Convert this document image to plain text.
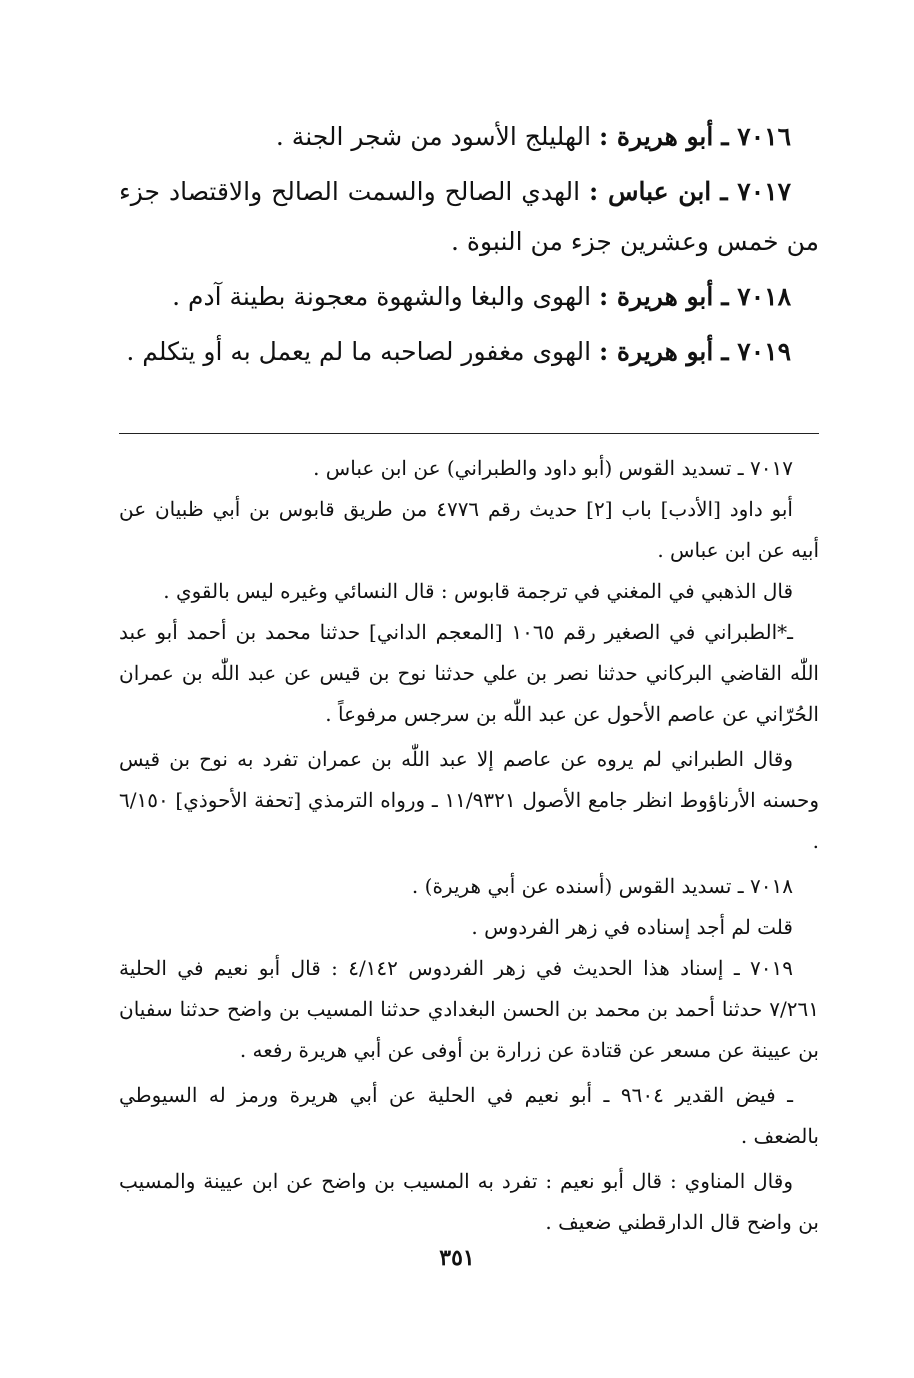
٧٠١٦ ـ أبو هريرة : الهليلج الأسود من شجر الجنة .

٧٠١٧ ـ ابن عباس : الهدي الصالح والسمت الصالح والاقتصاد جزء من خمس وعشرين جزء من النبوة .

٧٠١٨ ـ أبو هريرة : الهوى والبغا والشهوة معجونة بطينة آدم .

٧٠١٩ ـ أبو هريرة : الهوى مغفور لصاحبه ما لم يعمل به أو يتكلم .

٧٠١٧ ـ تسديد القوس (أبو داود والطبراني) عن ابن عباس .

أبو داود [الأدب] باب [٢] حديث رقم ٤٧٧٦ من طريق قابوس بن أبي ظبيان عن أبيه عن ابن عباس .

قال الذهبي في المغني في ترجمة قابوس : قال النسائي وغيره ليس بالقوي .

ـ*الطبراني في الصغير رقم ١٠٦٥ [المعجم الداني] حدثنا محمد بن أحمد أبو عبد اللّٰه القاضي البركاني حدثنا نصر بن علي حدثنا نوح بن قيس عن عبد اللّٰه بن عمران الحُرّاني عن عاصم الأحول عن عبد اللّٰه بن سرجس مرفوعاً .

وقال الطبراني لم يروه عن عاصم إلا عبد اللّٰه بن عمران تفرد به نوح بن قيس وحسنه الأرناؤوط انظر جامع الأصول ١١/٩٣٢١ ـ ورواه الترمذي [تحفة الأحوذي] ٦/١٥٠ .

٧٠١٨ ـ تسديد القوس (أسنده عن أبي هريرة) .

قلت لم أجد إسناده في زهر الفردوس .

٧٠١٩ ـ إسناد هذا الحديث في زهر الفردوس ٤/١٤٢ : قال أبو نعيم في الحلية ٧/٢٦١ حدثنا أحمد بن محمد بن الحسن البغدادي حدثنا المسيب بن واضح حدثنا سفيان بن عيينة عن مسعر عن قتادة عن زرارة بن أوفى عن أبي هريرة رفعه .

ـ فيض القدير ٩٦٠٤ ـ أبو نعيم في الحلية عن أبي هريرة ورمز له السيوطي بالضعف .

وقال المناوي : قال أبو نعيم : تفرد به المسيب بن واضح عن ابن عيينة والمسيب بن واضح قال الدارقطني ضعيف .

٣٥١
